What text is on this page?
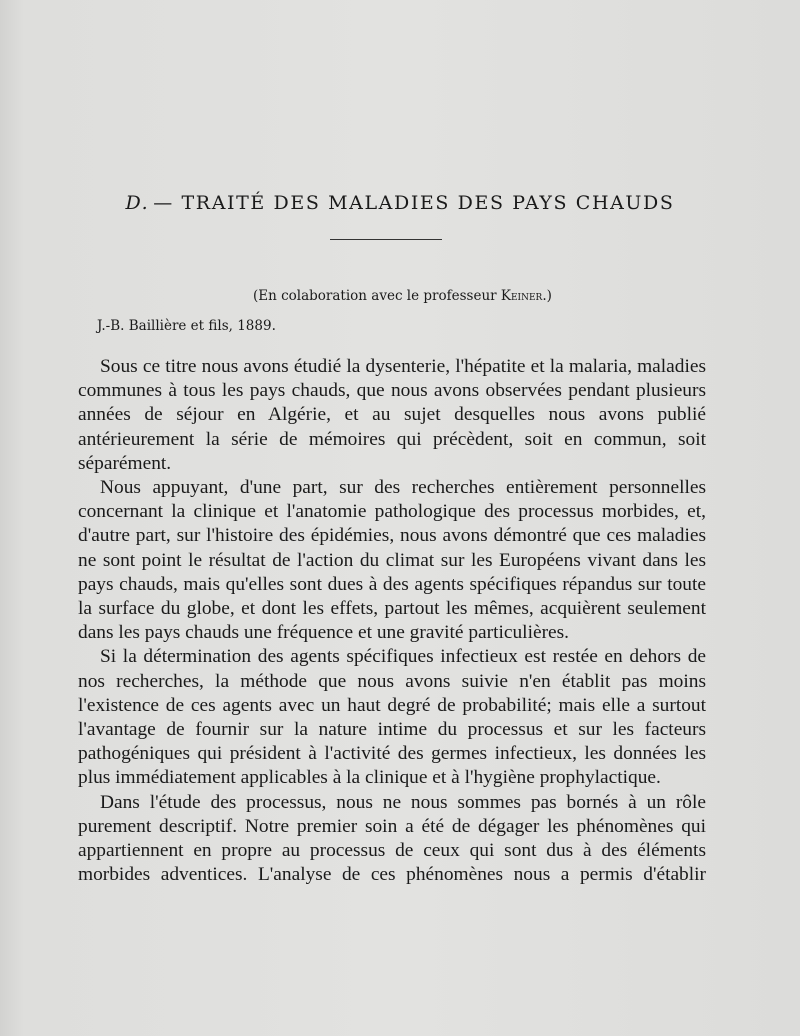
D. — TRAITÉ DES MALADIES DES PAYS CHAUDS
(En colaboration avec le professeur Keiner.)
J.-B. Baillière et fils, 1889.

Sous ce titre nous avons étudié la dysenterie, l'hépatite et la malaria, maladies communes à tous les pays chauds, que nous avons observées pendant plusieurs années de séjour en Algérie, et au sujet desquelles nous avons publié antérieurement la série de mémoires qui précèdent, soit en commun, soit séparément.

Nous appuyant, d'une part, sur des recherches entièrement personnelles concernant la clinique et l'anatomie pathologique des processus morbides, et, d'autre part, sur l'histoire des épidémies, nous avons démontré que ces maladies ne sont point le résultat de l'action du climat sur les Européens vivant dans les pays chauds, mais qu'elles sont dues à des agents spécifiques répandus sur toute la surface du globe, et dont les effets, partout les mêmes, acquièrent seulement dans les pays chauds une fréquence et une gravité particulières.

Si la détermination des agents spécifiques infectieux est restée en dehors de nos recherches, la méthode que nous avons suivie n'en établit pas moins l'existence de ces agents avec un haut degré de probabilité; mais elle a surtout l'avantage de fournir sur la nature intime du processus et sur les facteurs pathogéniques qui président à l'activité des germes infectieux, les données les plus immédiatement applicables à la clinique et à l'hygiène prophylactique.

Dans l'étude des processus, nous ne nous sommes pas bornés à un rôle purement descriptif. Notre premier soin a été de dégager les phénomènes qui appartiennent en propre au processus de ceux qui sont dus à des éléments morbides adventices. L'analyse de ces phénomènes nous a permis d'établir
